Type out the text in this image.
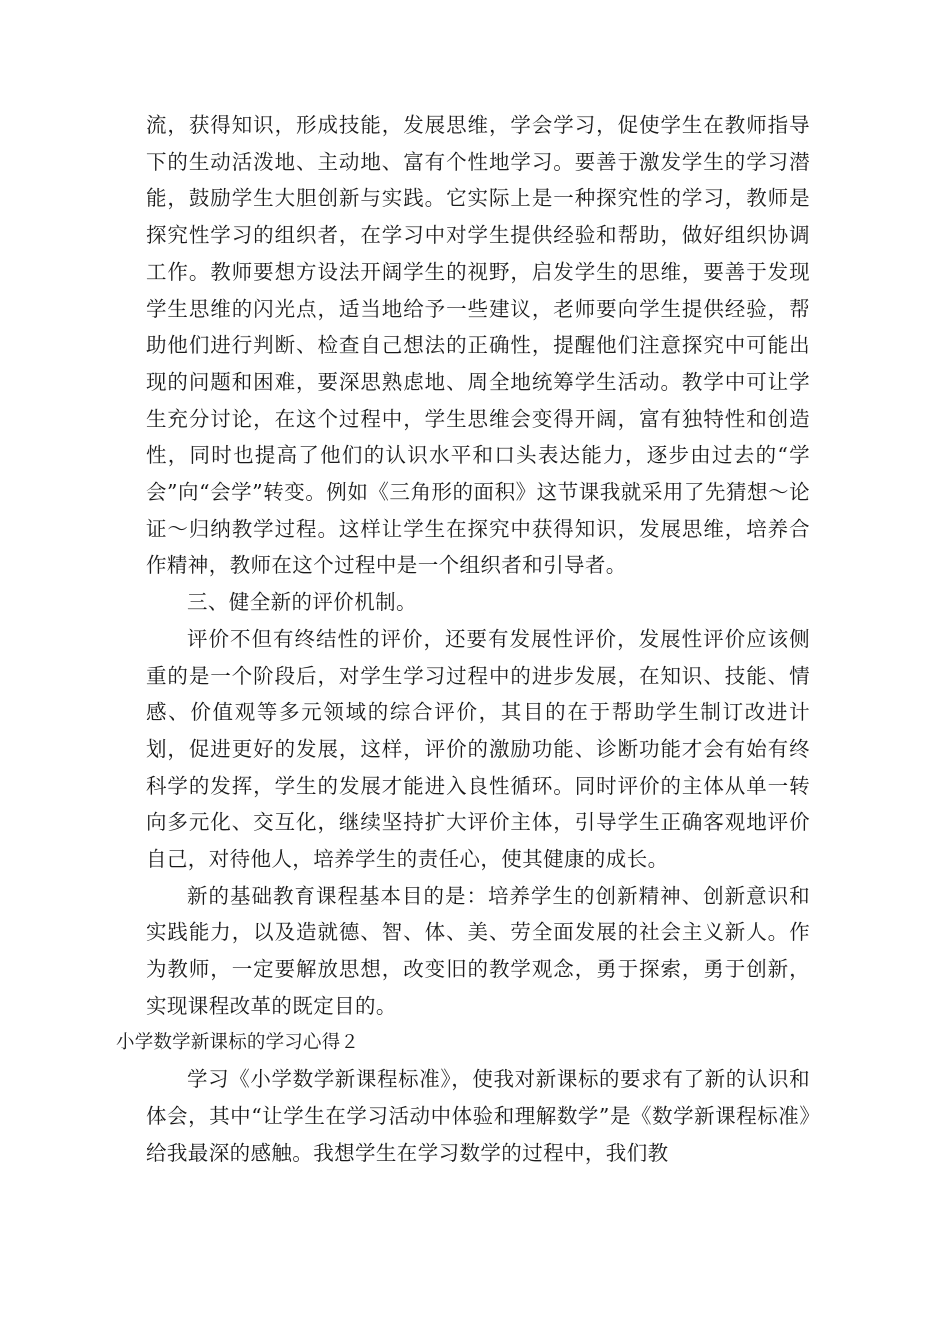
流，获得知识，形成技能，发展思维，学会学习，促使学生在教师指导下的生动活泼地、主动地、富有个性地学习。要善于激发学生的学习潜能，鼓励学生大胆创新与实践。它实际上是一种探究性的学习，教师是探究性学习的组织者，在学习中对学生提供经验和帮助，做好组织协调工作。教师要想方设法开阔学生的视野，启发学生的思维，要善于发现学生思维的闪光点，适当地给予一些建议，老师要向学生提供经验，帮助他们进行判断、检查自己想法的正确性，提醒他们注意探究中可能出现的问题和困难，要深思熟虑地、周全地统筹学生活动。教学中可让学生充分讨论，在这个过程中，学生思维会变得开阔，富有独特性和创造性，同时也提高了他们的认识水平和口头表达能力，逐步由过去的“学会”向“会学”转变。例如《三角形的面积》这节课我就采用了先猜想～论证～归纳教学过程。这样让学生在探究中获得知识，发展思维，培养合作精神，教师在这个过程中是一个组织者和引导者。

三、健全新的评价机制。

评价不但有终结性的评价，还要有发展性评价，发展性评价应该侧重的是一个阶段后，对学生学习过程中的进步发展，在知识、技能、情感、价值观等多元领域的综合评价，其目的在于帮助学生制订改进计划，促进更好的发展，这样，评价的激励功能、诊断功能才会有始有终科学的发挥，学生的发展才能进入良性循环。同时评价的主体从单一转向多元化、交互化，继续坚持扩大评价主体，引导学生正确客观地评价自己，对待他人，培养学生的责任心，使其健康的成长。

新的基础教育课程基本目的是：培养学生的创新精神、创新意识和实践能力，以及造就德、智、体、美、劳全面发展的社会主义新人。作为教师，一定要解放思想，改变旧的教学观念，勇于探索，勇于创新，实现课程改革的既定目的。

小学数学新课标的学习心得２

学习《小学数学新课程标准》，使我对新课标的要求有了新的认识和体会，其中“让学生在学习活动中体验和理解数学”是《数学新课程标准》给我最深的感触。我想学生在学习数学的过程中，我们教
